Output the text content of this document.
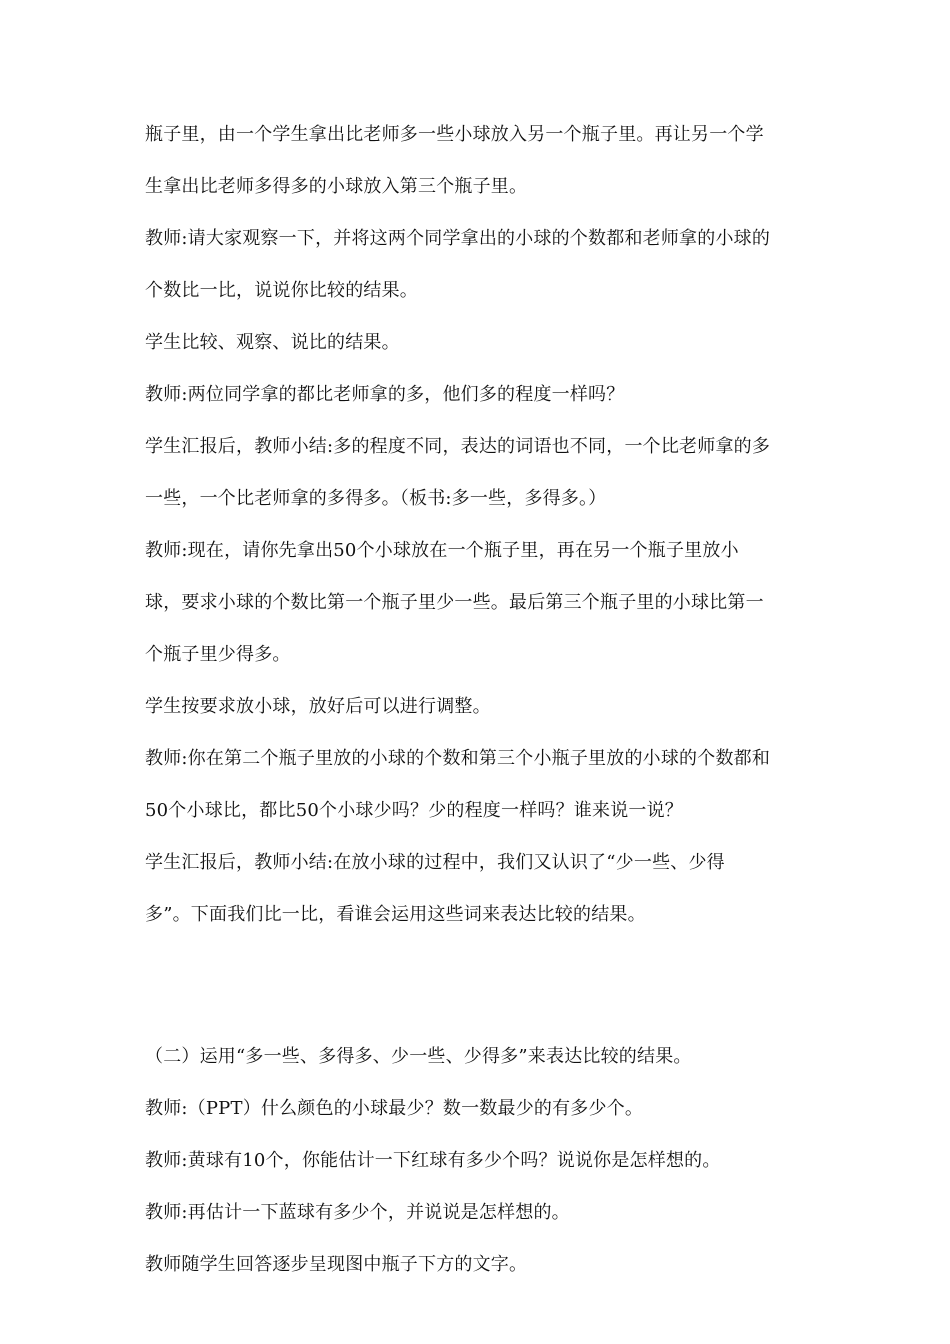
瓶子里，由一个学生拿出比老师多一些小球放入另一个瓶子里。再让另一个学
生拿出比老师多得多的小球放入第三个瓶子里。
教师:请大家观察一下，并将这两个同学拿出的小球的个数都和老师拿的小球的
个数比一比，说说你比较的结果。
学生比较、观察、说比的结果。
教师:两位同学拿的都比老师拿的多，他们多的程度一样吗？
学生汇报后，教师小结:多的程度不同，表达的词语也不同，一个比老师拿的多
一些，一个比老师拿的多得多。（板书:多一些，多得多。）
教师:现在，请你先拿出50个小球放在一个瓶子里，再在另一个瓶子里放小
球，要求小球的个数比第一个瓶子里少一些。最后第三个瓶子里的小球比第一
个瓶子里少得多。
学生按要求放小球，放好后可以进行调整。
教师:你在第二个瓶子里放的小球的个数和第三个小瓶子里放的小球的个数都和
50个小球比，都比50个小球少吗？少的程度一样吗？谁来说一说？
学生汇报后，教师小结:在放小球的过程中，我们又认识了“少一些、少得
多”。下面我们比一比，看谁会运用这些词来表达比较的结果。
（二）运用“多一些、多得多、少一些、少得多”来表达比较的结果。
教师:（PPT）什么颜色的小球最少？数一数最少的有多少个。
教师:黄球有10个，你能估计一下红球有多少个吗？说说你是怎样想的。
教师:再估计一下蓝球有多少个，并说说是怎样想的。
教师随学生回答逐步呈现图中瓶子下方的文字。
